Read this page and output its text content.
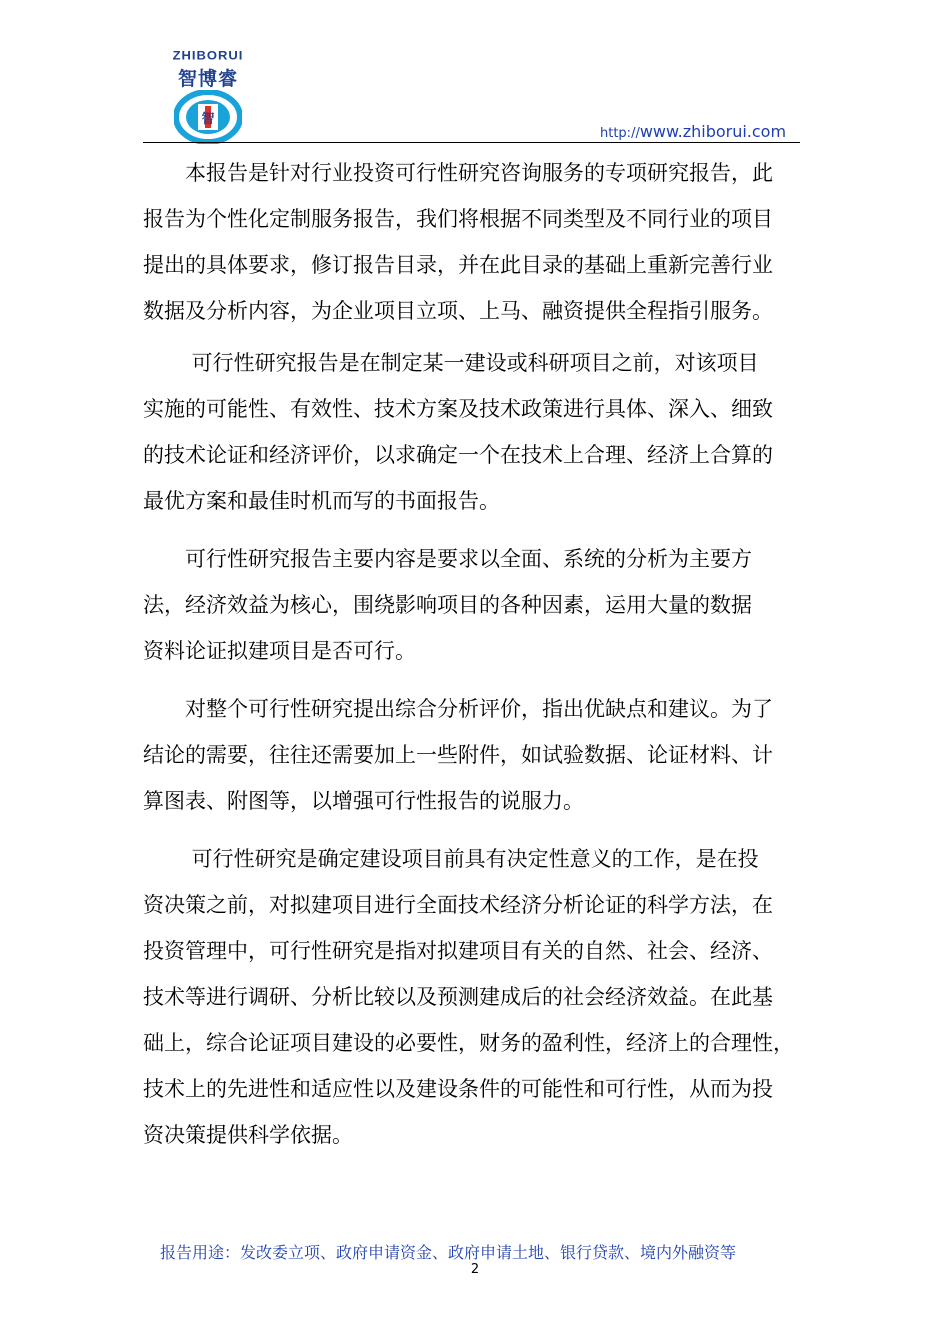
ZHIBORUI
智博睿
智
http://www.zhiborui.com

　　本报告是针对行业投资可行性研究咨询服务的专项研究报告，此
报告为个性化定制服务报告，我们将根据不同类型及不同行业的项目
提出的具体要求，修订报告目录，并在此目录的基础上重新完善行业
数据及分析内容，为企业项目立项、上马、融资提供全程指引服务。

　　 可行性研究报告是在制定某一建设或科研项目之前，对该项目
实施的可能性、有效性、技术方案及技术政策进行具体、深入、细致
的技术论证和经济评价，以求确定一个在技术上合理、经济上合算的
最优方案和最佳时机而写的书面报告。

　　可行性研究报告主要内容是要求以全面、系统的分析为主要方
法，经济效益为核心，围绕影响项目的各种因素，运用大量的数据
资料论证拟建项目是否可行。

　　对整个可行性研究提出综合分析评价，指出优缺点和建议。为了
结论的需要，往往还需要加上一些附件，如试验数据、论证材料、计
算图表、附图等，以增强可行性报告的说服力。

　　 可行性研究是确定建设项目前具有决定性意义的工作，是在投
资决策之前，对拟建项目进行全面技术经济分析论证的科学方法，在
投资管理中，可行性研究是指对拟建项目有关的自然、社会、经济、
技术等进行调研、分析比较以及预测建成后的社会经济效益。在此基
础上，综合论证项目建设的必要性，财务的盈利性，经济上的合理性，
技术上的先进性和适应性以及建设条件的可能性和可行性，从而为投
资决策提供科学依据。

报告用途：发改委立项、政府申请资金、政府申请土地、银行贷款、境内外融资等
2
